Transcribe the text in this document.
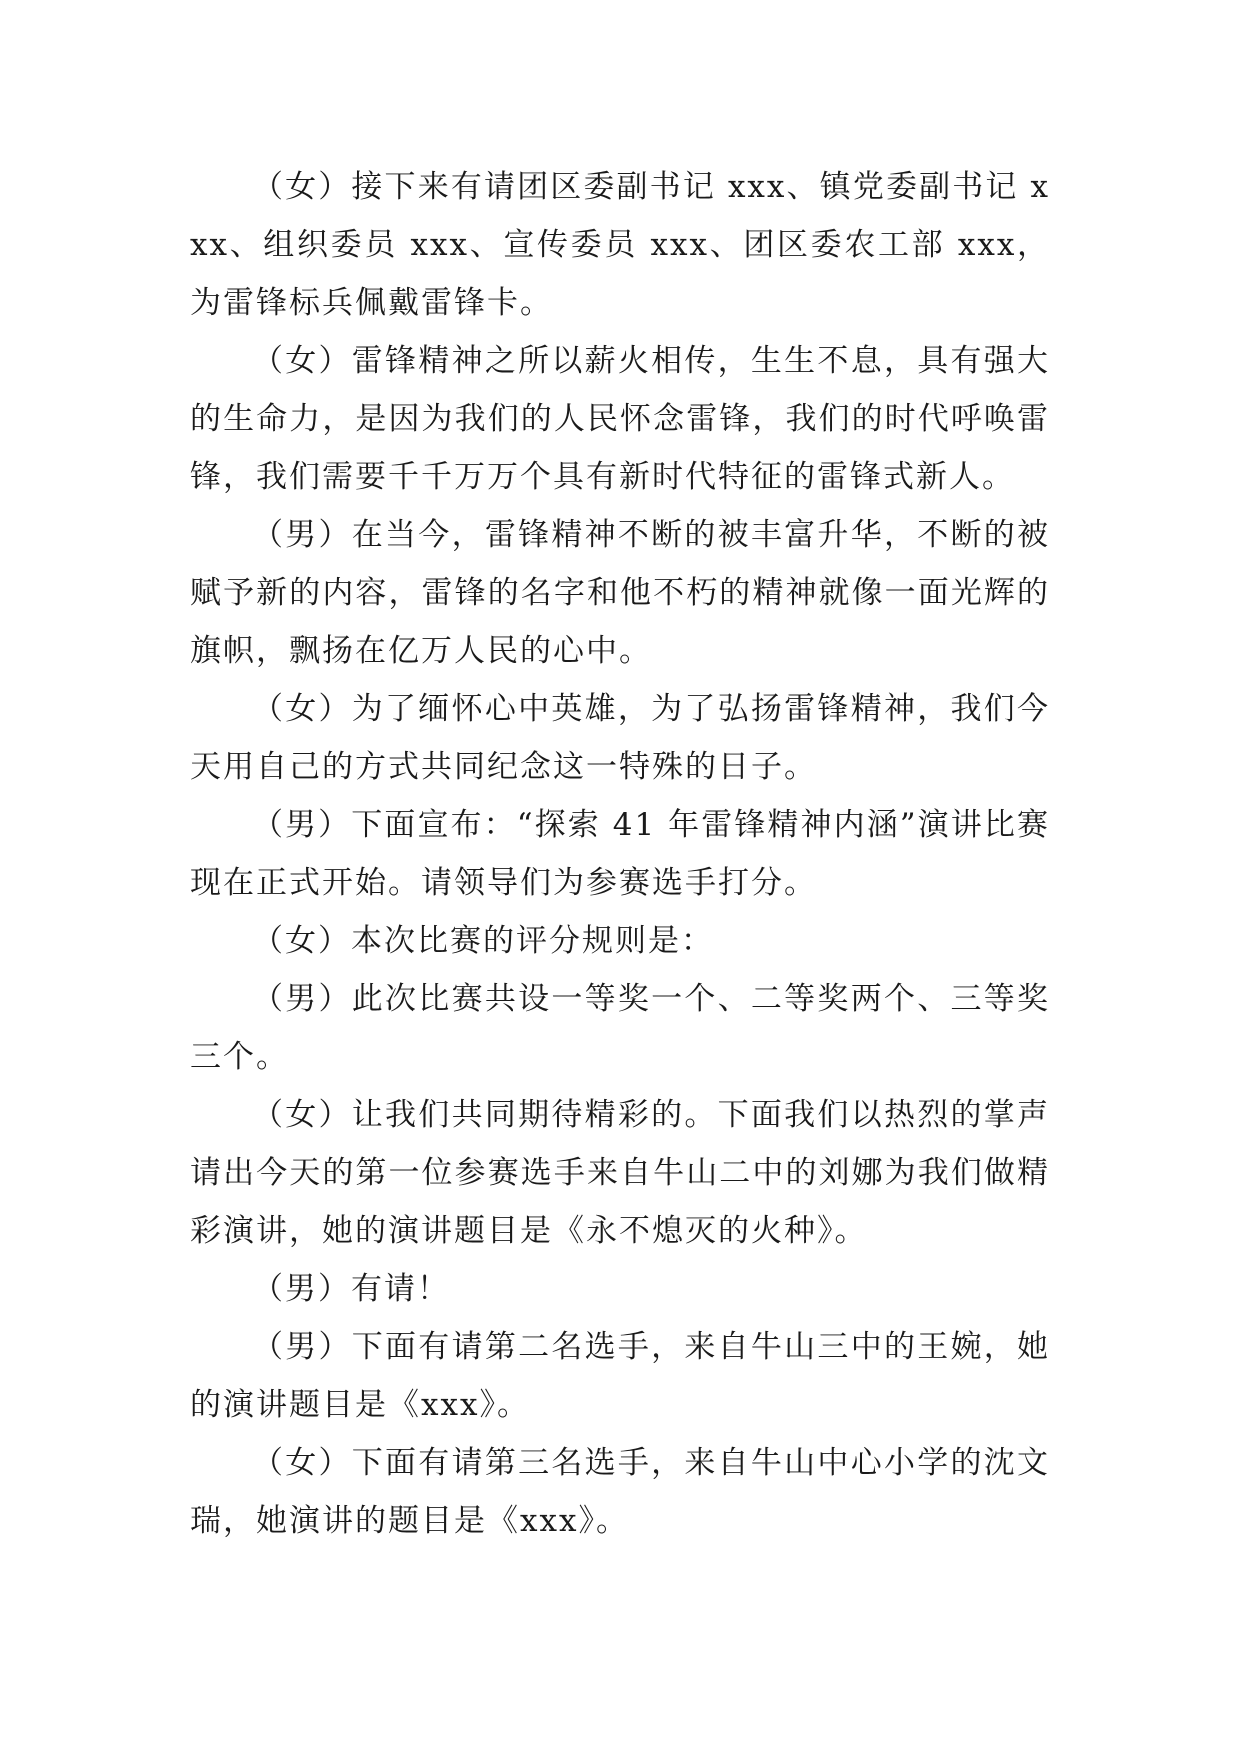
（女）接下来有请团区委副书记 xxx、镇党委副书记 xxx、组织委员 xxx、宣传委员 xxx、团区委农工部 xxx，为雷锋标兵佩戴雷锋卡。

（女）雷锋精神之所以薪火相传，生生不息，具有强大的生命力，是因为我们的人民怀念雷锋，我们的时代呼唤雷锋，我们需要千千万万个具有新时代特征的雷锋式新人。

（男）在当今，雷锋精神不断的被丰富升华，不断的被赋予新的内容，雷锋的名字和他不朽的精神就像一面光辉的旗帜，飘扬在亿万人民的心中。

（女）为了缅怀心中英雄，为了弘扬雷锋精神，我们今天用自己的方式共同纪念这一特殊的日子。

（男）下面宣布：“探索 41 年雷锋精神内涵”演讲比赛现在正式开始。请领导们为参赛选手打分。

（女）本次比赛的评分规则是：

（男）此次比赛共设一等奖一个、二等奖两个、三等奖三个。

（女）让我们共同期待精彩的。下面我们以热烈的掌声请出今天的第一位参赛选手来自牛山二中的刘娜为我们做精彩演讲，她的演讲题目是《永不熄灭的火种》。

（男）有请！

（男）下面有请第二名选手，来自牛山三中的王婉，她的演讲题目是《xxx》。

（女）下面有请第三名选手，来自牛山中心小学的沈文瑞，她演讲的题目是《xxx》。
